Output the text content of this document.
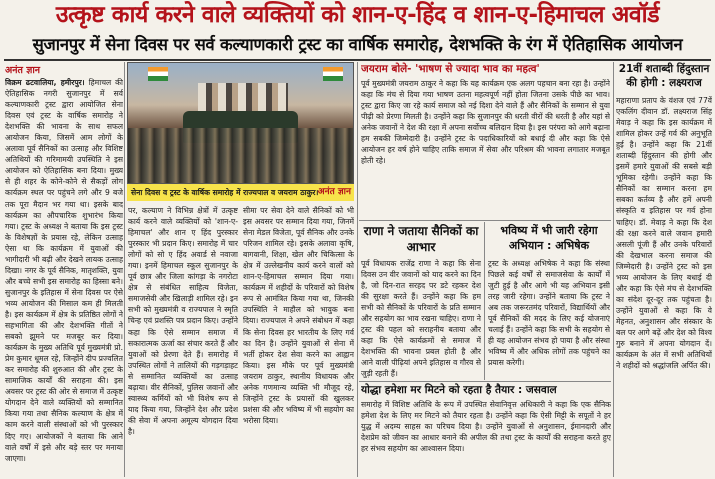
उत्कृष्ट कार्य करने वाले व्यक्तियों को शान-ए-हिंद व शान-ए-हिमाचल अवॉर्ड
सुजानपुर में सेना दिवस पर सर्व कल्याणकारी ट्रस्ट का वार्षिक समारोह, देशभक्ति के रंग में ऐतिहासिक आयोजन
अनंत ज्ञान

विक्रम ढटवालिया, हमीरपुर। हिमाचल की ऐतिहासिक नगरी सुजानपुर में सर्व कल्याणकारी ट्रस्ट द्वारा आयोजित सेना दिवस एवं ट्रस्ट के वार्षिक समारोह ने देशभक्ति की भावना के साथ सफल आयोजन किया, जिसमें आम लोगों के अलावा पूर्व सैनिकों का उत्साह और विशिष्ट अतिथियों की गरिमामयी उपस्थिति ने इस आयोजन को ऐतिहासिक बना दिया। मुख्य से ही शहर के कोने-कोने से सैकड़ों लोग कार्यक्रम स्थल पर पहुंचने लगे और 9 बजे तक पूरा मैदान भर गया था। इसके बाद कार्यक्रम का औपचारिक शुभारंभ किया गया। ट्रस्ट के अध्यक्ष ने बताया कि इस ट्रस्ट के विशेषज्ञों के प्रयास रहे, लेकिन उत्साह ऐसा था कि कार्यक्रम में युवाओं की भागीदारी भी बढ़ी और देखने लायक उत्साह दिखा। नगर के पूर्व सैनिक, मातृशक्ति, युवा और बच्चे सभी इस समारोह का हिस्सा बने। सुजानपुर के इतिहास में सेना दिवस पर ऐसे भव्य आयोजन की मिसाल कम ही मिलती है। इस कार्यक्रम में क्षेत्र के प्रतिष्ठित लोगों ने सहभागिता की और देशभक्ति गीतों ने सबको झूमने पर मजबूर कर दिया। कार्यक्रम के मुख्य अतिथि पूर्व मुख्यमंत्री प्रो. प्रेम कुमार धूमल रहे, जिन्होंने दीप प्रज्वलित कर समारोह की शुरुआत की और ट्रस्ट के सामाजिक कार्यों की सराहना की। इस अवसर पर ट्रस्ट की ओर से समाज में उत्कृष्ट योगदान देने वाले व्यक्तियों को सम्मानित किया गया तथा सैनिक कल्याण के क्षेत्र में काम करने वाली संस्थाओं को भी पुरस्कार दिए गए। आयोजकों ने बताया कि आने वाले वर्षों में इसे और बड़े स्तर पर मनाया जाएगा।

सेना दिवस व ट्रस्ट के वार्षिक समारोह में राज्यपाल व जयराम ठाकुर। अनंत ज्ञान

पर, कल्याण ने विभिन्न क्षेत्रों में उत्कृष्ट कार्य करने वाले व्यक्तियों को 'शान-ए-हिमाचल' और शान ए हिंद पुरस्कार पुरस्कार भी प्रदान किए। समारोह में चार लोगों को सो ए हिंद अवार्ड से नवाजा गया। इनमें हिमाचल स्कूल सुजानपुर के पूर्व छात्र और जिला कांगड़ा के नगरोटा क्षेत्र से संबंधित साहित्य विजेता, समाजसेवी और खिलाड़ी शामिल रहे। इन सभी को मुख्यमंत्री व राज्यपाल ने स्मृति चिन्ह एवं प्रशस्ति पत्र प्रदान किए। उन्होंने कहा कि ऐसे सम्मान समाज में सकारात्मक ऊर्जा का संचार करते हैं और युवाओं को प्रेरणा देते हैं। समारोह में उपस्थित लोगों ने तालियों की गड़गड़ाहट से सम्मानित व्यक्तियों का उत्साह बढ़ाया। वीर सैनिकों, पुलिस जवानों और स्वास्थ्य कर्मियों को भी विशेष रूप से याद किया गया, जिन्होंने देश और प्रदेश की सेवा में अपना अमूल्य योगदान दिया है।

सीमा पर सेवा देने वाले सैनिकों को भी इस अवसर पर सम्मान दिया गया, जिनमें सेना मेडल विजेता, पूर्व सैनिक और उनके परिजन शामिल रहे। इसके अलावा कृषि, बागवानी, शिक्षा, खेल और चिकित्सा के क्षेत्र में उल्लेखनीय कार्य करने वालों को शान-ए-हिमाचल सम्मान दिया गया। कार्यक्रम में शहीदों के परिवारों को विशेष रूप से आमंत्रित किया गया था, जिनकी उपस्थिति ने माहौल को भावुक बना दिया। राज्यपाल ने अपने संबोधन में कहा कि सेना दिवस हर भारतीय के लिए गर्व का दिन है। उन्होंने युवाओं से सेना में भर्ती होकर देश सेवा करने का आह्वान किया। इस मौके पर पूर्व मुख्यमंत्री जयराम ठाकुर, स्थानीय विधायक और अनेक गणमान्य व्यक्ति भी मौजूद रहे, जिन्होंने ट्रस्ट के प्रयासों की खुलकर प्रशंसा की और भविष्य में भी सहयोग का भरोसा दिया।

जयराम बोले- 'भाषण से ज्यादा भाव का महत्व'

पूर्व मुख्यमंत्री जयराम ठाकुर ने कहा कि यह कार्यक्रम एक अलग पहचान बना रहा है। उन्होंने कहा कि मंच से दिया गया भाषण उतना महत्वपूर्ण नहीं होता जितना उसके पीछे का भाव। ट्रस्ट द्वारा किए जा रहे कार्य समाज को नई दिशा देने वाले हैं और सैनिकों के सम्मान से युवा पीढ़ी को प्रेरणा मिलती है। उन्होंने कहा कि सुजानपुर की धरती वीरों की धरती है और यहां से अनेक जवानों ने देश की रक्षा में अपना सर्वोच्च बलिदान दिया है। इस परंपरा को आगे बढ़ाना हम सबकी जिम्मेदारी है। उन्होंने ट्रस्ट के पदाधिकारियों को बधाई दी और कहा कि ऐसे आयोजन हर वर्ष होने चाहिए ताकि समाज में सेवा और परिश्रम की भावना लगातार मजबूत होती रहे।

राणा ने जताया सैनिकों का आभार

पूर्व विधायक राजेंद्र राणा ने कहा कि सेना दिवस उन वीर जवानों को याद करने का दिन है, जो दिन-रात सरहद पर डटे रहकर देश की सुरक्षा करते हैं। उन्होंने कहा कि हम सभी को सैनिकों के परिवारों के प्रति सम्मान और सहयोग का भाव रखना चाहिए। राणा ने ट्रस्ट की पहल को सराहनीय बताया और कहा कि ऐसे कार्यक्रमों से समाज में देशभक्ति की भावना प्रबल होती है और आने वाली पीढ़ियां अपने इतिहास व गौरव से जुड़ी रहती हैं।

भविष्य में भी जारी रहेगा अभियान : अभिषेक

ट्रस्ट के अध्यक्ष अभिषेक ने कहा कि संस्था पिछले कई वर्षों से समाजसेवा के कार्यों में जुटी हुई है और आगे भी यह अभियान इसी तरह जारी रहेगा। उन्होंने बताया कि ट्रस्ट ने अब तक जरूरतमंद परिवारों, विद्यार्थियों और पूर्व सैनिकों की मदद के लिए कई योजनाएं चलाई हैं। उन्होंने कहा कि सभी के सहयोग से ही यह आयोजन संभव हो पाया है और संस्था भविष्य में और अधिक लोगों तक पहुंचने का प्रयास करेगी।

योद्धा हमेशा मर मिटने को रहता है तैयार : जसवाल

समारोह में विशिष्ट अतिथि के रूप में उपस्थित सेवानिवृत्त अधिकारी ने कहा कि एक सैनिक हमेशा देश के लिए मर मिटने को तैयार रहता है। उन्होंने कहा कि ऐसी मिट्टी के सपूतों ने हर युद्ध में अदम्य साहस का परिचय दिया है। उन्होंने युवाओं से अनुशासन, ईमानदारी और देशप्रेम को जीवन का आधार बनाने की अपील की तथा ट्रस्ट के कार्यों की सराहना करते हुए हर संभव सहयोग का आश्वासन दिया।

21वीं शताब्दी हिंदुस्तान की होगी : लक्ष्यराज

महाराणा प्रताप के वंशज एवं 77वें एकलिंग दीवान डॉ. लक्ष्यराज सिंह मेवाड़ ने कहा कि इस कार्यक्रम में शामिल होकर उन्हें गर्व की अनुभूति हुई है। उन्होंने कहा कि 21वीं शताब्दी हिंदुस्तान की होगी और इसमें हमारे युवाओं की सबसे बड़ी भूमिका रहेगी। उन्होंने कहा कि सैनिकों का सम्मान करना हम सबका कर्तव्य है और हमें अपनी संस्कृति व इतिहास पर गर्व होना चाहिए। डॉ. मेवाड़ ने कहा कि देश की रक्षा करने वाले जवान हमारी असली पूंजी हैं और उनके परिवारों की देखभाल करना समाज की जिम्मेदारी है। उन्होंने ट्रस्ट को इस भव्य आयोजन के लिए बधाई दी और कहा कि ऐसे मंच से देशभक्ति का संदेश दूर-दूर तक पहुंचता है। उन्होंने युवाओं से कहा कि वे मेहनत, अनुशासन और संस्कार के बल पर आगे बढ़ें और देश को विश्व गुरु बनाने में अपना योगदान दें। कार्यक्रम के अंत में सभी अतिथियों ने शहीदों को श्रद्धांजलि अर्पित की।
